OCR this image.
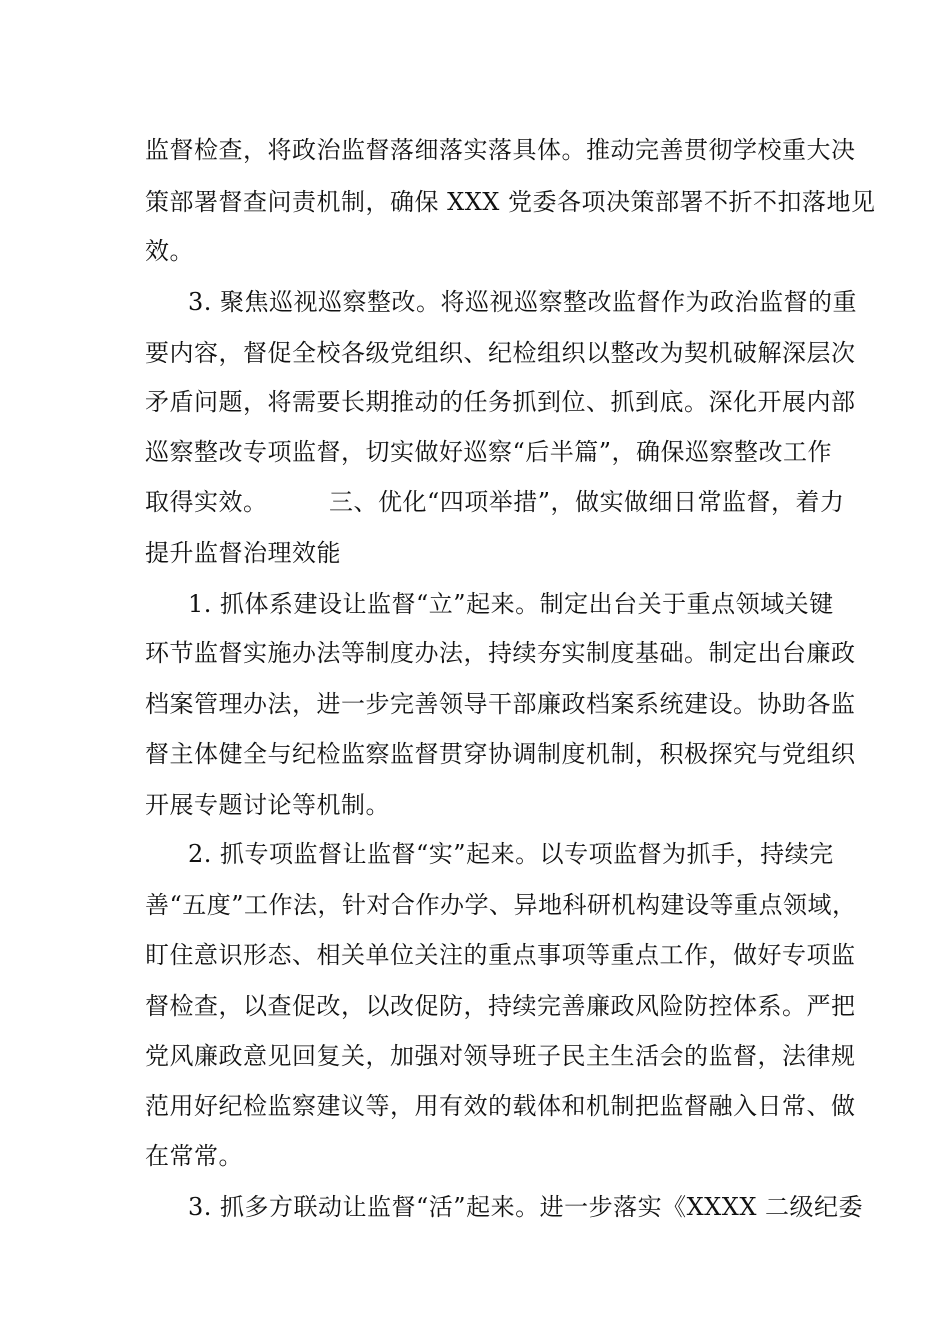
监督检查，将政治监督落细落实落具体。推动完善贯彻学校重大决
策部署督查问责机制，确保 XXX 党委各项决策部署不折不扣落地见
效。
3. 聚焦巡视巡察整改。将巡视巡察整改监督作为政治监督的重
要内容，督促全校各级党组织、纪检组织以整改为契机破解深层次
矛盾问题，将需要长期推动的任务抓到位、抓到底。深化开展内部
巡察整改专项监督，切实做好巡察“后半篇”，确保巡察整改工作
取得实效。　　　三、优化“四项举措”，做实做细日常监督，着力
提升监督治理效能
1. 抓体系建设让监督“立”起来。制定出台关于重点领域关键
环节监督实施办法等制度办法，持续夯实制度基础。制定出台廉政
档案管理办法，进一步完善领导干部廉政档案系统建设。协助各监
督主体健全与纪检监察监督贯穿协调制度机制，积极探究与党组织
开展专题讨论等机制。
2. 抓专项监督让监督“实”起来。以专项监督为抓手，持续完
善“五度”工作法，针对合作办学、异地科研机构建设等重点领域，
盯住意识形态、相关单位关注的重点事项等重点工作，做好专项监
督检查，以查促改，以改促防，持续完善廉政风险防控体系。严把
党风廉政意见回复关，加强对领导班子民主生活会的监督，法律规
范用好纪检监察建议等，用有效的载体和机制把监督融入日常、做
在常常。
3. 抓多方联动让监督“活”起来。进一步落实《XXXX 二级纪委
